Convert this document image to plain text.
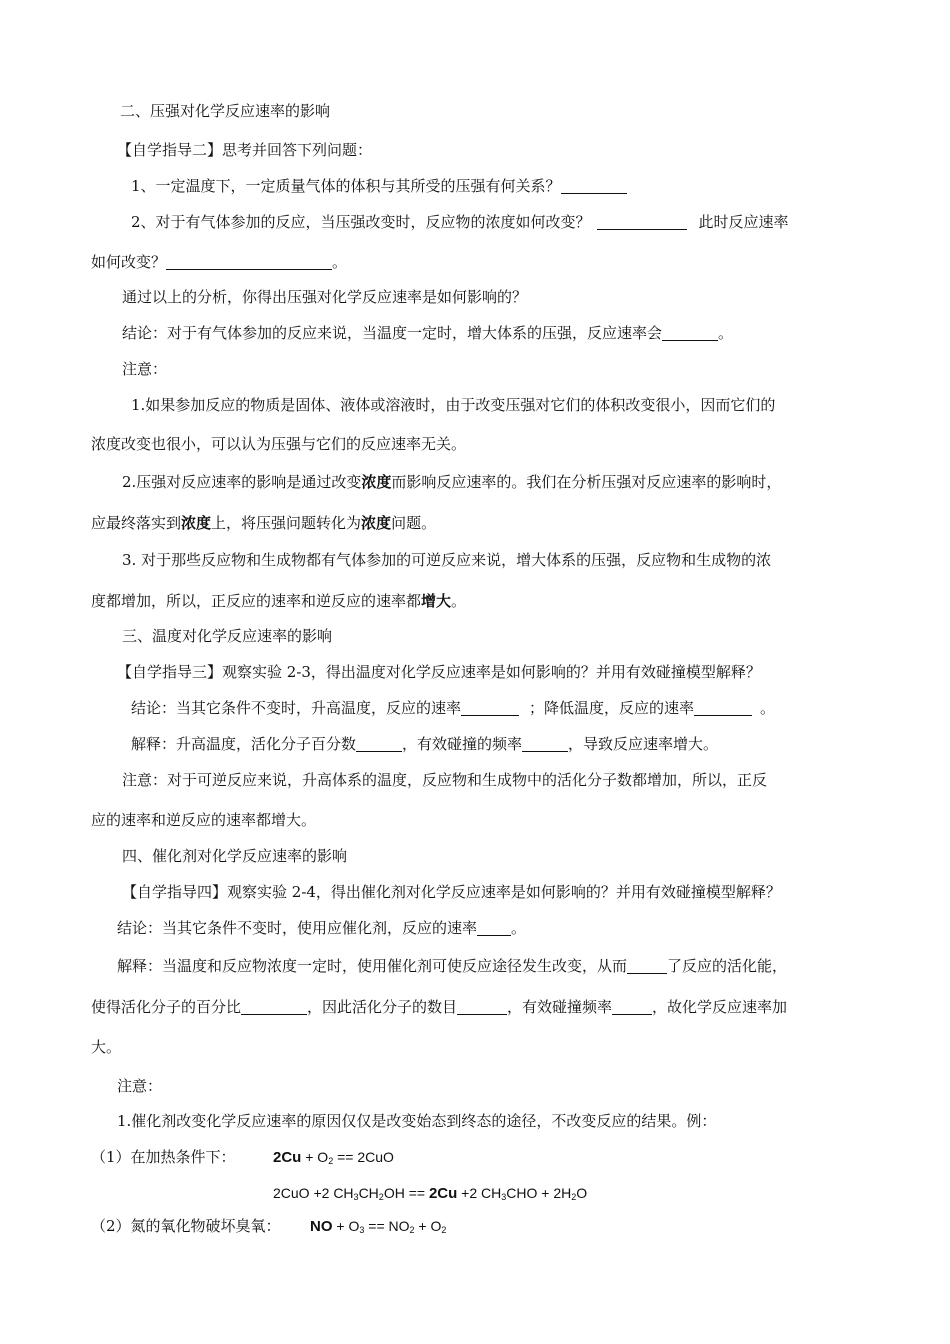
二、压强对化学反应速率的影响
【自学指导二】思考并回答下列问题：
1、一定温度下，一定质量气体的体积与其所受的压强有何关系？
2、对于有气体参加的反应，当压强改变时，反应物的浓度如何改变？	此时反应速率
如何改变？	。
通过以上的分析，你得出压强对化学反应速率是如何影响的？
结论：对于有气体参加的反应来说，当温度一定时，增大体系的压强，反应速率会	。
注意：
1.如果参加反应的物质是固体、液体或溶液时，由于改变压强对它们的体积改变很小，因而它们的
浓度改变也很小，可以认为压强与它们的反应速率无关。
2.压强对反应速率的影响是通过改变浓度而影响反应速率的。我们在分析压强对反应速率的影响时，
应最终落实到浓度上，将压强问题转化为浓度问题。
3. 对于那些反应物和生成物都有气体参加的可逆反应来说，增大体系的压强，反应物和生成物的浓
度都增加，所以，正反应的速率和逆反应的速率都增大。
三、温度对化学反应速率的影响
【自学指导三】观察实验 2-3，得出温度对化学反应速率是如何影响的？并用有效碰撞模型解释？
结论：当其它条件不变时，升高温度，反应的速率	；降低温度，反应的速率	。
解释：升高温度，活化分子百分数	，有效碰撞的频率	，导致反应速率增大。
注意：对于可逆反应来说，升高体系的温度，反应物和生成物中的活化分子数都增加，所以，正反
应的速率和逆反应的速率都增大。
四、催化剂对化学反应速率的影响
【自学指导四】观察实验 2-4，得出催化剂对化学反应速率是如何影响的？并用有效碰撞模型解释？
结论：当其它条件不变时，使用应催化剂，反应的速率 。
解释：当温度和反应物浓度一定时，使用催化剂可使反应途径发生改变，从而	了反应的活化能，
使得活化分子的百分比	，因此活化分子的数目	，有效碰撞频率	，故化学反应速率加
大。
注意：
1.催化剂改变化学反应速率的原因仅仅是改变始态到终态的途径，不改变反应的结果。例：
（1）在加热条件下： $2Cu + O_2 == 2CuO$
2CuO +2 $CH_3CH_2OH == 2Cu +2$ $CH_3CHO + 2H_2O$
（2）氮的氧化物破坏臭氧： NO + $O_3 == NO_2 + O_2$
